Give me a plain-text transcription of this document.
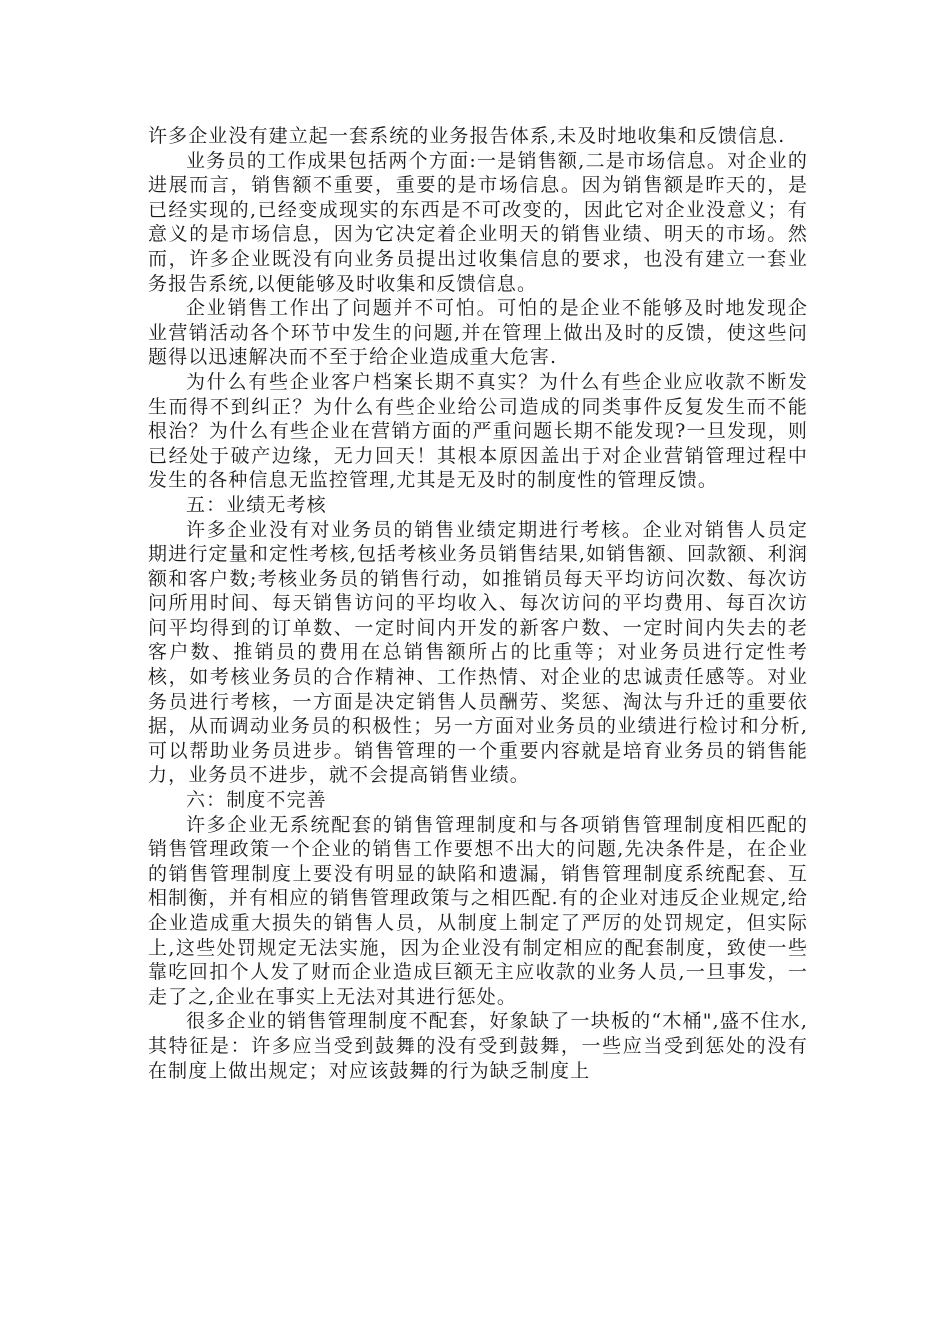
许多企业没有建立起一套系统的业务报告体系,未及时地收集和反馈信息.

业务员的工作成果包括两个方面:一是销售额,二是市场信息。对企业的进展而言，销售额不重要，重要的是市场信息。因为销售额是昨天的，是已经实现的,已经变成现实的东西是不可改变的，因此它对企业没意义；有意义的是市场信息，因为它决定着企业明天的销售业绩、明天的市场。然而，许多企业既没有向业务员提出过收集信息的要求，也没有建立一套业务报告系统,以便能够及时收集和反馈信息。

企业销售工作出了问题并不可怕。可怕的是企业不能够及时地发现企业营销活动各个环节中发生的问题,并在管理上做出及时的反馈，使这些问题得以迅速解决而不至于给企业造成重大危害.

为什么有些企业客户档案长期不真实？为什么有些企业应收款不断发生而得不到纠正？为什么有些企业给公司造成的同类事件反复发生而不能根治？为什么有些企业在营销方面的严重问题长期不能发现?一旦发现，则已经处于破产边缘，无力回天！其根本原因盖出于对企业营销管理过程中发生的各种信息无监控管理,尤其是无及时的制度性的管理反馈。

五：业绩无考核

许多企业没有对业务员的销售业绩定期进行考核。企业对销售人员定期进行定量和定性考核,包括考核业务员销售结果,如销售额、回款额、利润额和客户数;考核业务员的销售行动，如推销员每天平均访问次数、每次访问所用时间、每天销售访问的平均收入、每次访问的平均费用、每百次访问平均得到的订单数、一定时间内开发的新客户数、一定时间内失去的老客户数、推销员的费用在总销售额所占的比重等；对业务员进行定性考核，如考核业务员的合作精神、工作热情、对企业的忠诚责任感等。对业务员进行考核，一方面是决定销售人员酬劳、奖惩、淘汰与升迁的重要依据，从而调动业务员的积极性；另一方面对业务员的业绩进行检讨和分析,可以帮助业务员进步。销售管理的一个重要内容就是培育业务员的销售能力，业务员不进步，就不会提高销售业绩。

六：制度不完善

许多企业无系统配套的销售管理制度和与各项销售管理制度相匹配的销售管理政策一个企业的销售工作要想不出大的问题,先决条件是，在企业的销售管理制度上要没有明显的缺陷和遗漏，销售管理制度系统配套、互相制衡，并有相应的销售管理政策与之相匹配.有的企业对违反企业规定,给企业造成重大损失的销售人员，从制度上制定了严厉的处罚规定，但实际上,这些处罚规定无法实施，因为企业没有制定相应的配套制度，致使一些靠吃回扣个人发了财而企业造成巨额无主应收款的业务人员,一旦事发，一走了之,企业在事实上无法对其进行惩处。

很多企业的销售管理制度不配套，好象缺了一块板的“木桶",盛不住水,其特征是：许多应当受到鼓舞的没有受到鼓舞，一些应当受到惩处的没有在制度上做出规定；对应该鼓舞的行为缺乏制度上
